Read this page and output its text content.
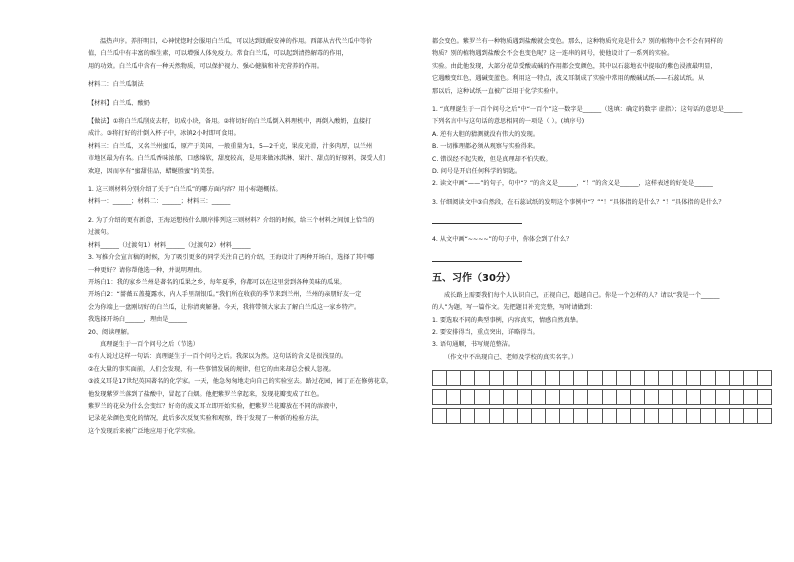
温热声序。养肝明目，心神恍惚时会服用白兰瓜，可以达到助眠安神的作用。西部从古代兰瓜中等价

值，白兰瓜中有丰富的维生素，可以增强人体免疫力。常食白兰瓜，可以起到清热解毒的作用，

用的功效。白兰瓜中含有一种天然物质，可以保护视力、强心健脑和补充营养的作用。

材料二：白兰瓜制法

【材料】白兰瓜、酸奶

【做法】①将白兰瓜削皮去籽，切成小块，备用。②将切好的白兰瓜倒入料理机中，再倒入酸奶，直接打

成汁。③将打好的汁倒入杯子中，冰镇2小时即可食用。

材料三：白兰瓜，又名兰州蜜瓜，原产于美国，一般重量为1，5—2千克，果皮光滑，汁多肉厚，以兰州

市地区最为有名。白兰瓜香味浓郁，口感绵软，甜度较高，是用来做冰淇淋、果汁、甜点的好原料，深受人们

欢迎，因而享有“蜜甜佳品，蜡蜒胜蜜”的美誉。

1. 这三则材料分别介绍了关于“白兰瓜”的哪方面内容？用小标题概括。

材料一：______；材料二：______；材料三：______

2. 为了介绍的更有新意，王海运想按什么顺序排列这三则材料？介绍的时候，给三个材料之间加上恰当的

过渡句。

材料______（过渡句1）材料______（过渡句2）材料______

3. 写推介会宣言稿的时候，为了吸引更多的同学关注自己的介绍，王海设计了两种开场白，选择了其中哪

一种更好？请你帮他选一种，并说明理由。

开场白1：我的家乡兰州是著名的瓜果之乡，每年夏季，你都可以在这里尝到各种美味的瓜果。

开场白2：“蔷薇五盖蔓露水，内人手里剖银瓜。”我们所在收获的季节来到兰州，兰州的亲朋好友一定

会为你端上一盘刚切好的白兰瓜，让你清爽解暑。今天，我将带领大家去了解白兰瓜这一家乡特产。

我选择开场白______，理由是______

20、阅读理解。

真理诞生于一百个问号之后（节选）

①有人说过这样一句话：真理诞生于一百个问号之后。我深以为然。这句话的含义是很浅显的。

②在大量的事实面前，人们会发现，有一些事情发展的规律，但它的由来却总会被人忽视。

③波义耳是17世纪英国著名的化学家。一天，他急匆匆地走向自己的实验室去。路过花园，园丁正在修剪花草，

他发现紫罗兰落到了盐酸中，冒起了白烟。他把紫罗兰拿起来，发现花瓣变成了红色。

紫罗兰的花朵为什么会变红？好奇的波义耳立即开始实验，把紫罗兰花瓣放在不同的溶液中，

记录花朵颜色变化的情况，此后多次反复实验和观察，终于发现了一种新的检验方法，

这个发现后来被广泛地应用于化学实验。

都会变色。紫罗兰有一种物质遇到盐酸就会变色。那么，这种物质究竟是什么？别的植物中会不会有同样的

物质？别的植物遇到盐酸会不会也变色呢？这一连串的问号，使他设计了一系列的实验。

实验。由此他发现，大部分花草受酸或碱的作用都会变颜色，其中以石蕊地衣中提取的紫色浸液最明显，

它遇酸变红色，遇碱变蓝色。利用这一特点，波义耳制成了实验中常用的酸碱试纸——石蕊试纸。从

那以后，这种试纸一直被广泛用于化学实验中。

1. “真理诞生于一百个问号之后”中“一百个”这一数字是______（选填：确定的数字 虚指）；这句话的意思是______

下列名言中与这句话的意思相同的一项是（ ）。(填序号)

A. 逆有大胆的猜测就没有伟大的发现。

B. 一切推理都必须从观察与实验得来。

C. 错误经不起失败，但是真理却不怕失败。

D. 问号是开启任何科学的钥匙。

2. 读文中画“——”的句子，句中“？”的含义是______，“！”的含义是______，这样表述的好处是______

3. 仔细阅读文中③自然段，在石蕊试纸的发明这个事例中“？”“！”具体指的是什么？“！”具体指的是什么？

4. 从文中画“~~~~”的句子中，你体会到了什么？

五、习作（30分）

成长路上需要我们每个人认识自己，正视自己，超越自己。你是一个怎样的人？请以“我是一个______

的人”为题，写一篇作文。先把题目补充完整，写时请做到：

1. 要选取不同的典型事例，内容真实，情感自然真挚。

2. 要安排得当，重点突出，详略得当。

3. 语句通顺，书写规范整洁。

（作文中不出现自己、老师及学校的真实名字。）
